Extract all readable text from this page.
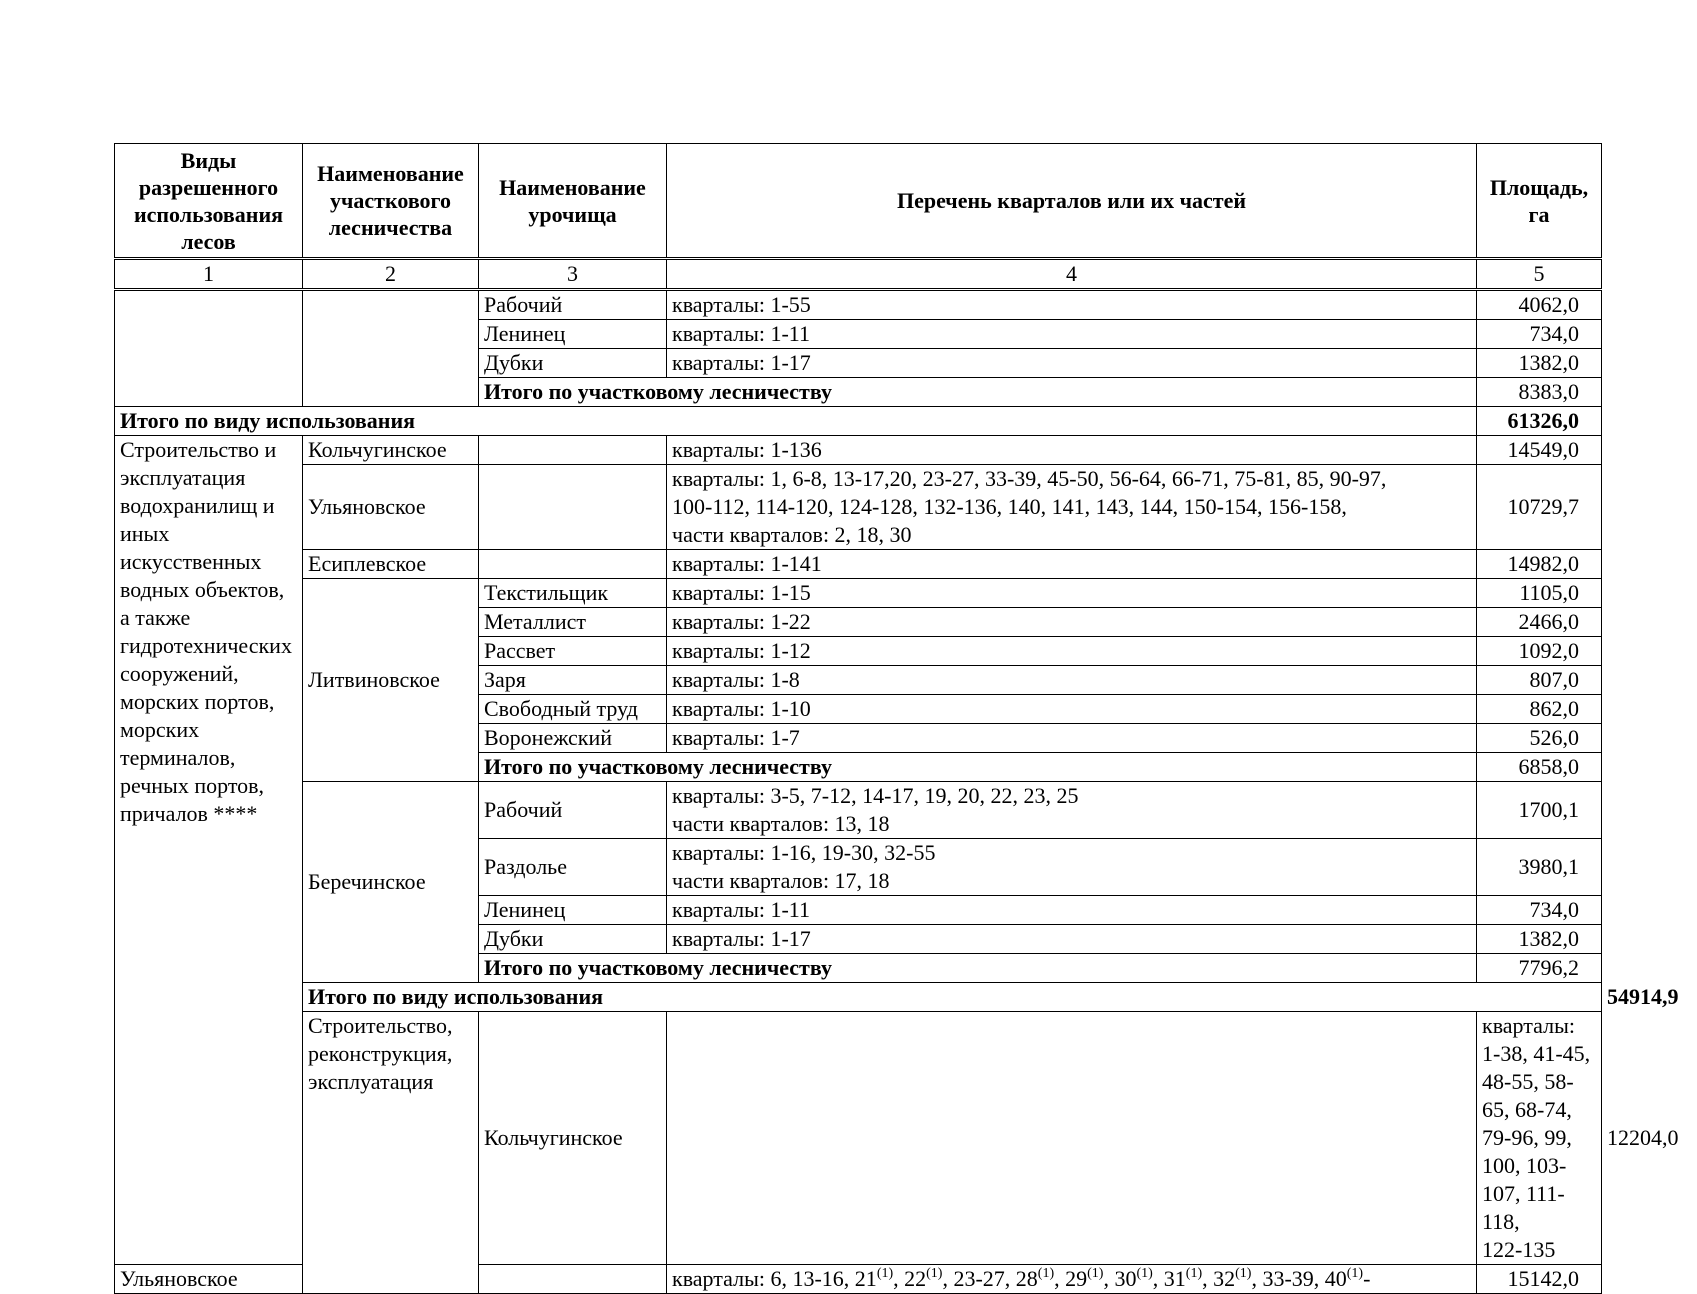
Виды разрешенного использования лесов	Наименование участкового лесничества	Наименование урочища	Перечень кварталов или их частей	Площадь, га	
1	2	3	4	5	
		Рабочий	кварталы: 1-55	4062,0	
		Ленинец	кварталы: 1-11	734,0	
		Дубки	кварталы: 1-17	1382,0	
		Итого по участковому лесничеству		8383,0	
Итого по виду использования				61326,0	
Строительство и эксплуатация водохранилищ и иных искусственных водных объектов, а также гидротехнических сооружений, морских портов, морских терминалов, речных портов, причалов ****	Кольчугинское		кварталы: 1-136	14549,0	
	Ульяновское		кварталы: 1, 6-8, 13-17,20, 23-27, 33-39, 45-50, 56-64, 66-71, 75-81, 85, 90-97,
100-112, 114-120, 124-128, 132-136, 140, 141, 143, 144, 150-154, 156-158,
части кварталов: 2, 18, 30	10729,7	
	Есиплевское		кварталы: 1-141	14982,0	
	Литвиновское	Текстильщик	кварталы: 1-15	1105,0	
		Металлист	кварталы: 1-22	2466,0	
		Рассвет	кварталы: 1-12	1092,0	
		Заря	кварталы: 1-8	807,0	
		Свободный труд	кварталы: 1-10	862,0	
		Воронежский	кварталы: 1-7	526,0	
		Итого по участковому лесничеству		6858,0	
	Беречинское	Рабочий	кварталы: 3-5, 7-12, 14-17, 19, 20, 22, 23, 25
части кварталов: 13, 18	1700,1	
		Раздолье	кварталы: 1-16, 19-30, 32-55
части кварталов: 17, 18	3980,1	
		Ленинец	кварталы: 1-11	734,0	
		Дубки	кварталы: 1-17	1382,0	
		Итого по участковому лесничеству		7796,2	
	Итого по виду использования				54914,9
	Строительство, реконструкция, эксплуатация	Кольчугинское		кварталы: 1-38, 41-45, 48-55, 58-65, 68-74, 79-96, 99, 100, 103-107, 111-118,
122-135	12204,0
Ульяновское			кварталы: 6, 13-16, 21$^{(1)}$, 22$^{(1)}$, 23-27, 28$^{(1)}$, 29$^{(1)}$, 30$^{(1)}$, 31$^{(1)}$, 32$^{(1)}$, 33-39, 40$^{(1)}$-	15142,0	
